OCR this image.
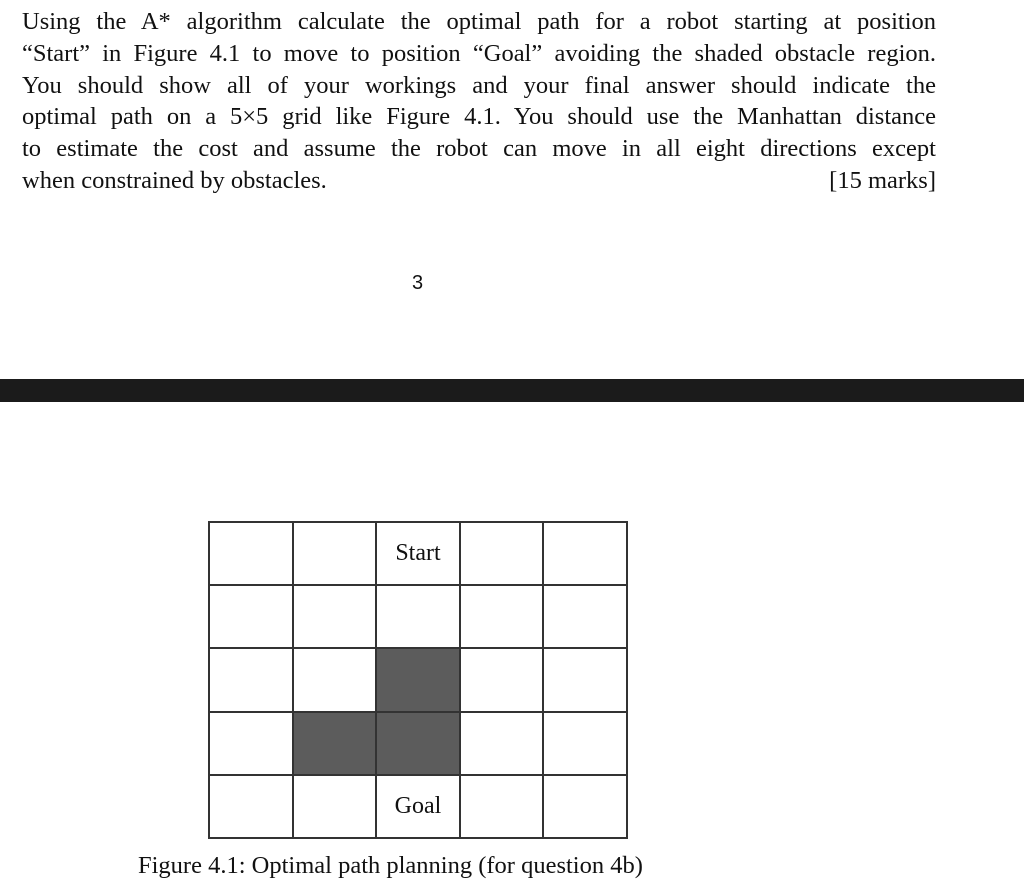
Using the A* algorithm calculate the optimal path for a robot starting at position
“Start” in Figure 4.1 to move to position “Goal” avoiding the shaded obstacle region.
You should show all of your workings and your final answer should indicate the
optimal path on a 5×5 grid like Figure 4.1. You should use the Manhattan distance
to estimate the cost and assume the robot can move in all eight directions except
when constrained by obstacles.	[15 marks]
3
Start
Goal
Figure 4.1: Optimal path planning (for question 4b)
